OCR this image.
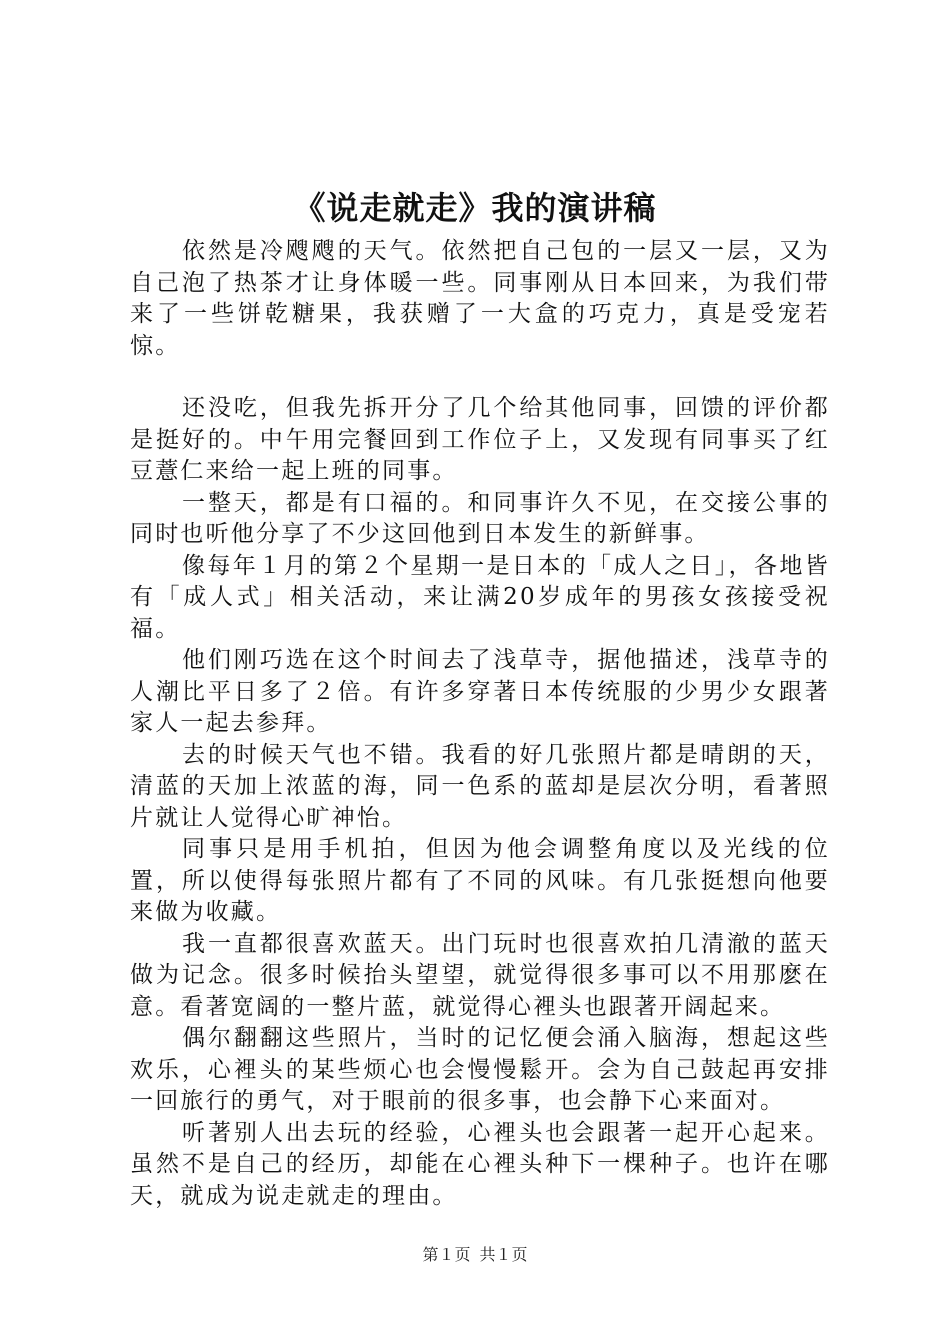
《说走就走》我的演讲稿

依然是冷飕飕的天气。依然把自己包的一层又一层，又为自己泡了热茶才让身体暖一些。同事刚从日本回来，为我们带来了一些饼乾糖果，我获赠了一大盒的巧克力，真是受宠若惊。

还没吃，但我先拆开分了几个给其他同事，回馈的评价都是挺好的。中午用完餐回到工作位子上，又发现有同事买了红豆薏仁来给一起上班的同事。

一整天，都是有口福的。和同事许久不见，在交接公事的同时也听他分享了不少这回他到日本发生的新鲜事。

像每年１月的第２个星期一是日本的「成人之日」，各地皆有「成人式」相关活动，来让满20岁成年的男孩女孩接受祝福。

他们刚巧选在这个时间去了浅草寺，据他描述，浅草寺的人潮比平日多了２倍。有许多穿著日本传统服的少男少女跟著家人一起去参拜。

去的时候天气也不错。我看的好几张照片都是晴朗的天，清蓝的天加上浓蓝的海，同一色系的蓝却是层次分明，看著照片就让人觉得心旷神怡。

同事只是用手机拍，但因为他会调整角度以及光线的位置，所以使得每张照片都有了不同的风味。有几张挺想向他要来做为收藏。

我一直都很喜欢蓝天。出门玩时也很喜欢拍几清澈的蓝天做为记念。很多时候抬头望望，就觉得很多事可以不用那麽在意。看著宽阔的一整片蓝，就觉得心裡头也跟著开阔起来。

偶尔翻翻这些照片，当时的记忆便会涌入脑海，想起这些欢乐，心裡头的某些烦心也会慢慢鬆开。会为自己鼓起再安排一回旅行的勇气，对于眼前的很多事，也会静下心来面对。

听著别人出去玩的经验，心裡头也会跟著一起开心起来。虽然不是自己的经历，却能在心裡头种下一棵种子。也许在哪天，就成为说走就走的理由。

第１页 共１页
